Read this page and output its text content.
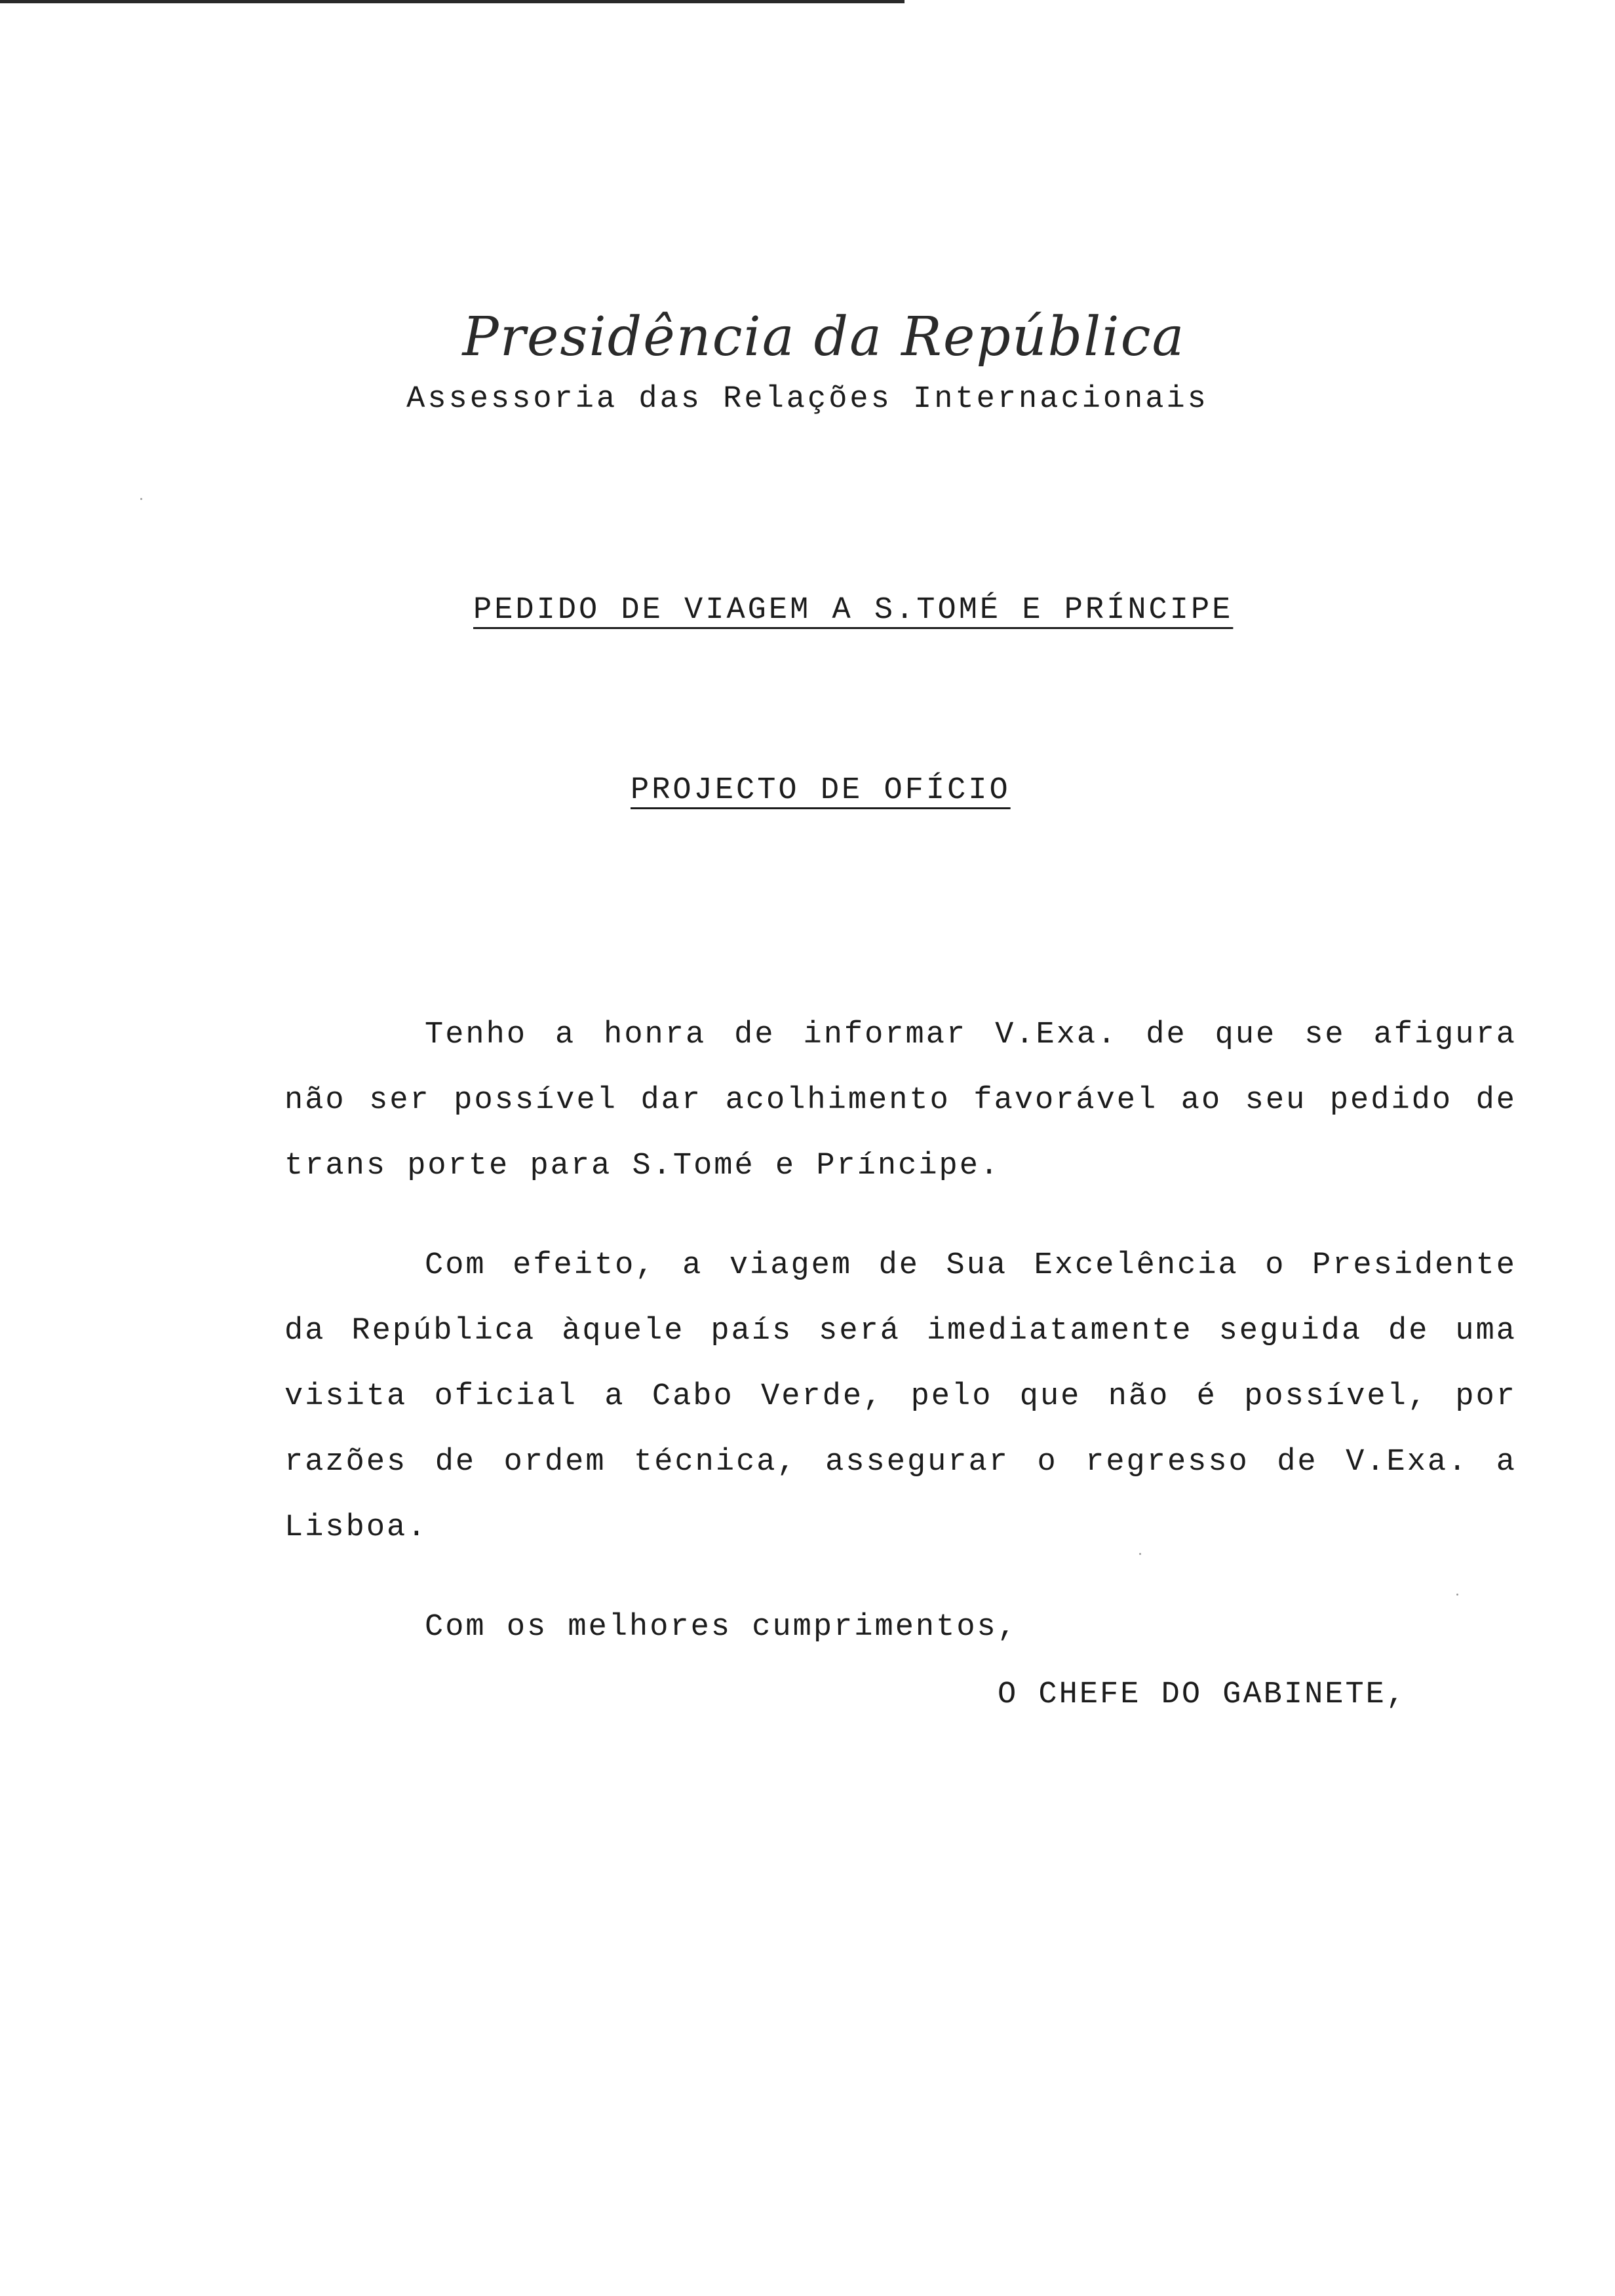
Presidência da República
Assessoria das Relações Internacionais
PEDIDO DE VIAGEM A S.TOMÉ E PRÍNCIPE
PROJECTO DE OFÍCIO

Tenho a honra de informar V.Exa. de que se afigura não ser possível dar acolhimento favorável ao seu pedido de trans porte para S.Tomé e Príncipe.

Com efeito, a viagem de Sua Excelência o Presidente da República àquele país será imediatamente seguida de uma visita oficial a Cabo Verde, pelo que não é possível, por razões de ordem técnica, assegurar o regresso de V.Exa. a Lisboa.

Com os melhores cumprimentos,

O CHEFE DO GABINETE,
